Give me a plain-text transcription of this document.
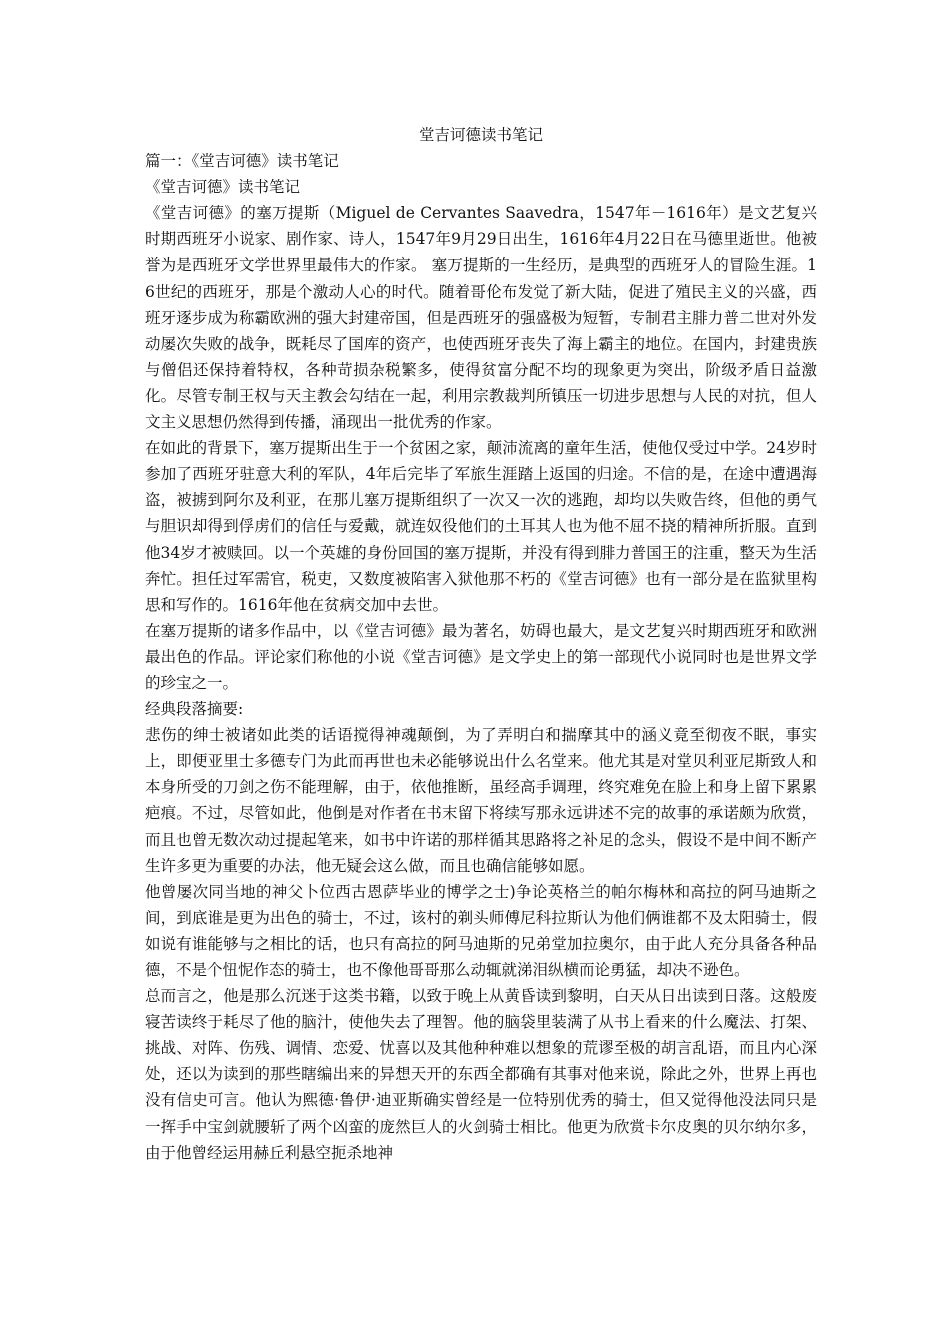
堂吉诃德读书笔记

篇一：《堂吉诃德》读书笔记

《堂吉诃德》读书笔记

《堂吉诃德》的塞万提斯（Miguel de Cervantes Saavedra，1547年－1616年）是文艺复兴时期西班牙小说家、剧作家、诗人，1547年9月29日出生，1616年4月22日在马德里逝世。他被誉为是西班牙文学世界里最伟大的作家。 塞万提斯的一生经历，是典型的西班牙人的冒险生涯。16世纪的西班牙，那是个激动人心的时代。随着哥伦布发觉了新大陆，促进了殖民主义的兴盛，西班牙逐步成为称霸欧洲的强大封建帝国，但是西班牙的强盛极为短暂，专制君主腓力普二世对外发动屡次失败的战争，既耗尽了国库的资产，也使西班牙丧失了海上霸主的地位。在国内，封建贵族与僧侣还保持着特权，各种苛损杂税繁多，使得贫富分配不均的现象更为突出，阶级矛盾日益激化。尽管专制王权与天主教会勾结在一起，利用宗教裁判所镇压一切进步思想与人民的对抗，但人文主义思想仍然得到传播，涌现出一批优秀的作家。

在如此的背景下，塞万提斯出生于一个贫困之家，颠沛流离的童年生活，使他仅受过中学。24岁时参加了西班牙驻意大利的军队，4年后完毕了军旅生涯踏上返国的归途。不信的是，在途中遭遇海盗，被掳到阿尔及利亚，在那儿塞万提斯组织了一次又一次的逃跑，却均以失败告终，但他的勇气与胆识却得到俘虏们的信任与爱戴，就连奴役他们的土耳其人也为他不屈不挠的精神所折服。直到他34岁才被赎回。以一个英雄的身份回国的塞万提斯，并没有得到腓力普国王的注重，整天为生活奔忙。担任过军需官，税吏，又数度被陷害入狱他那不朽的《堂吉诃德》也有一部分是在监狱里构思和写作的。1616年他在贫病交加中去世。

在塞万提斯的诸多作品中，以《堂吉诃德》最为著名，妨碍也最大，是文艺复兴时期西班牙和欧洲最出色的作品。评论家们称他的小说《堂吉诃德》是文学史上的第一部现代小说同时也是世界文学的珍宝之一。

经典段落摘要:

悲伤的绅士被诸如此类的话语搅得神魂颠倒，为了弄明白和揣摩其中的涵义竟至彻夜不眠，事实上，即便亚里士多德专门为此而再世也未必能够说出什么名堂来。他尤其是对堂贝利亚尼斯致人和本身所受的刀剑之伤不能理解，由于，依他推断，虽经高手调理，终究难免在脸上和身上留下累累疤痕。不过，尽管如此，他倒是对作者在书末留下将续写那永远讲述不完的故事的承诺颇为欣赏，而且也曾无数次动过提起笔来，如书中许诺的那样循其思路将之补足的念头，假设不是中间不断产生许多更为重要的办法，他无疑会这么做，而且也确信能够如愿。

他曾屡次同当地的神父卜位西古恩萨毕业的博学之士)争论英格兰的帕尔梅林和高拉的阿马迪斯之间，到底谁是更为出色的骑士，不过，该村的剃头师傅尼科拉斯认为他们俩谁都不及太阳骑士，假如说有谁能够与之相比的话，也只有高拉的阿马迪斯的兄弟堂加拉奥尔，由于此人充分具备各种品德，不是个忸怩作态的骑士，也不像他哥哥那么动辄就涕泪纵横而论勇猛，却决不逊色。

总而言之，他是那么沉迷于这类书籍，以致于晚上从黄昏读到黎明，白天从日出读到日落。这般废寝苦读终于耗尽了他的脑汁，使他失去了理智。他的脑袋里装满了从书上看来的什么魔法、打架、挑战、对阵、伤残、调情、恋爱、忧喜以及其他种种难以想象的荒谬至极的胡言乱语，而且内心深处，还以为读到的那些瞎编出来的异想天开的东西全都确有其事对他来说，除此之外，世界上再也没有信史可言。他认为熙德·鲁伊·迪亚斯确实曾经是一位特别优秀的骑士，但又觉得他没法同只是一挥手中宝剑就腰斩了两个凶蛮的庞然巨人的火剑骑士相比。他更为欣赏卡尔皮奥的贝尔纳尔多，由于他曾经运用赫丘利悬空扼杀地神
